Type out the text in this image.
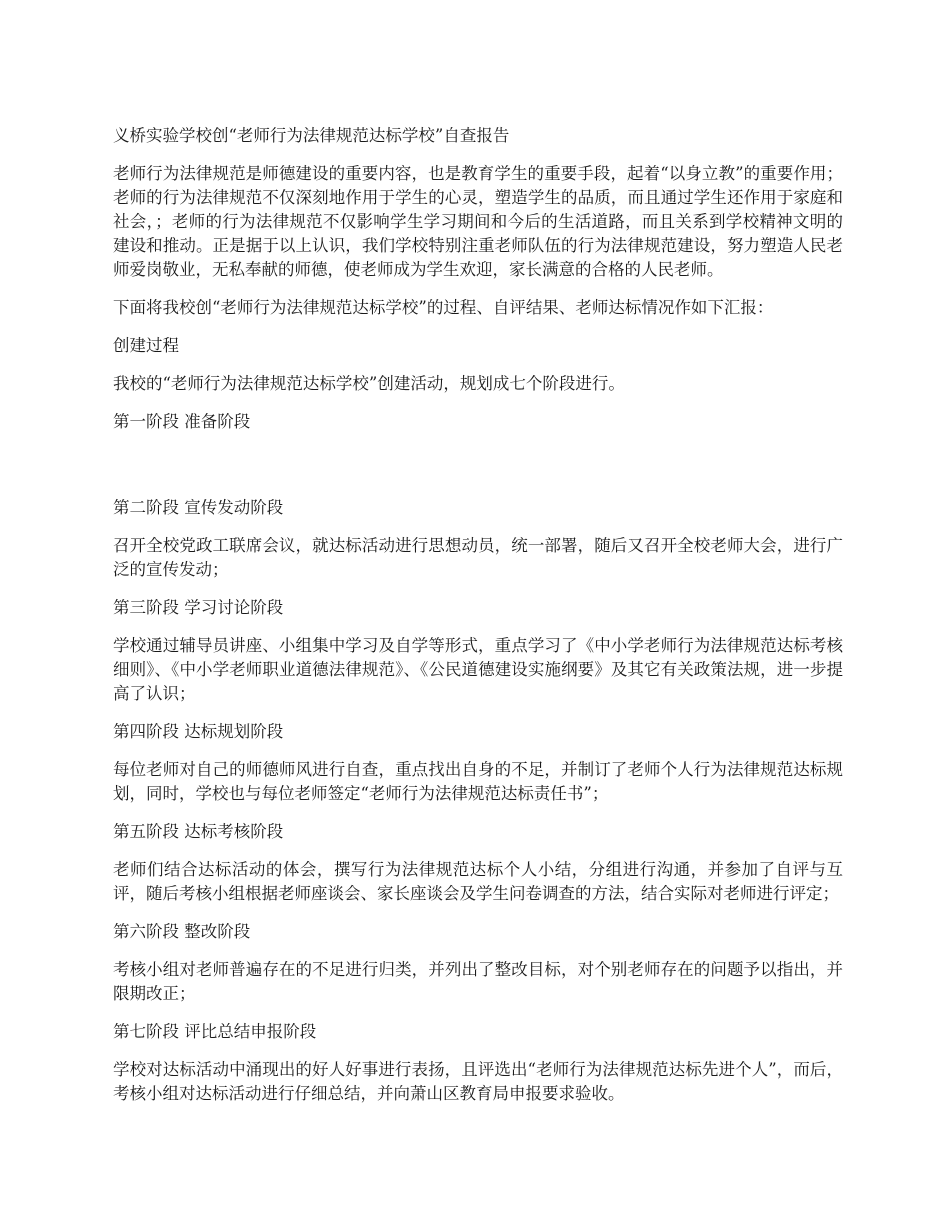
义桥实验学校创“老师行为法律规范达标学校”自查报告

老师行为法律规范是师德建设的重要内容，也是教育学生的重要手段，起着“以身立教”的重要作用；老师的行为法律规范不仅深刻地作用于学生的心灵，塑造学生的品质，而且通过学生还作用于家庭和社会，；老师的行为法律规范不仅影响学生学习期间和今后的生活道路，而且关系到学校精神文明的建设和推动。正是据于以上认识，我们学校特别注重老师队伍的行为法律规范建设，努力塑造人民老师爱岗敬业，无私奉献的师德，使老师成为学生欢迎，家长满意的合格的人民老师。

下面将我校创“老师行为法律规范达标学校”的过程、自评结果、老师达标情况作如下汇报：

创建过程

我校的“老师行为法律规范达标学校”创建活动，规划成七个阶段进行。

第一阶段 准备阶段

第二阶段 宣传发动阶段

召开全校党政工联席会议，就达标活动进行思想动员，统一部署，随后又召开全校老师大会，进行广泛的宣传发动；

第三阶段 学习讨论阶段

学校通过辅导员讲座、小组集中学习及自学等形式，重点学习了《中小学老师行为法律规范达标考核细则》、《中小学老师职业道德法律规范》、《公民道德建设实施纲要》及其它有关政策法规，进一步提高了认识；

第四阶段 达标规划阶段

每位老师对自己的师德师风进行自查，重点找出自身的不足，并制订了老师个人行为法律规范达标规划，同时，学校也与每位老师签定“老师行为法律规范达标责任书”；

第五阶段 达标考核阶段

老师们结合达标活动的体会，撰写行为法律规范达标个人小结，分组进行沟通，并参加了自评与互评，随后考核小组根据老师座谈会、家长座谈会及学生问卷调查的方法，结合实际对老师进行评定；

第六阶段 整改阶段

考核小组对老师普遍存在的不足进行归类，并列出了整改目标，对个别老师存在的问题予以指出，并限期改正；

第七阶段 评比总结申报阶段

学校对达标活动中涌现出的好人好事进行表扬，且评选出“老师行为法律规范达标先进个人”，而后，考核小组对达标活动进行仔细总结，并向萧山区教育局申报要求验收。
